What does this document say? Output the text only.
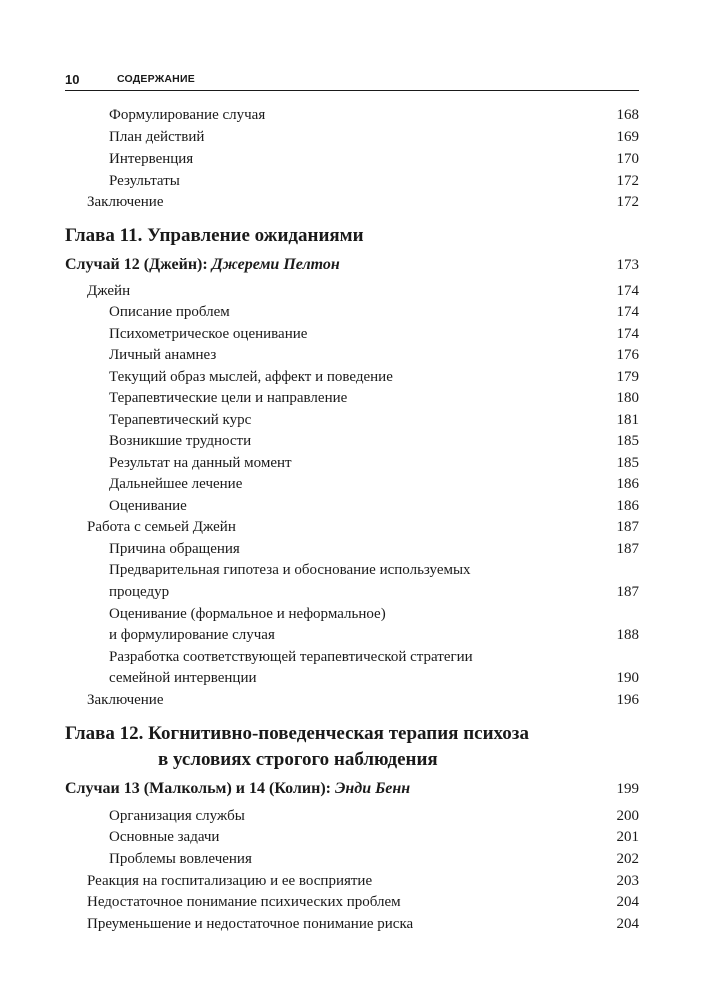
10	СОДЕРЖАНИЕ
Формулирование случая	168
План действий	169
Интервенция	170
Результаты	172
Заключение	172
Глава 11. Управление ожиданиями
Случай 12 (Джейн): Джереми Пелтон	173
Джейн	174
Описание проблем	174
Психометрическое оценивание	174
Личный анамнез	176
Текущий образ мыслей, аффект и поведение	179
Терапевтические цели и направление	180
Терапевтический курс	181
Возникшие трудности	185
Результат на данный момент	185
Дальнейшее лечение	186
Оценивание	186
Работа с семьей Джейн	187
Причина обращения	187
Предварительная гипотеза и обоснование используемых
процедур	187
Оценивание (формальное и неформальное)
и формулирование случая	188
Разработка соответствующей терапевтической стратегии
семейной интервенции	190
Заключение	196
Глава 12. Когнитивно-поведенческая терапия психоза
в условиях строгого наблюдения
Случаи 13 (Малкольм) и 14 (Колин): Энди Бенн	199
Организация службы	200
Основные задачи	201
Проблемы вовлечения	202
Реакция на госпитализацию и ее восприятие	203
Недостаточное понимание психических проблем	204
Преуменьшение и недостаточное понимание риска	204
